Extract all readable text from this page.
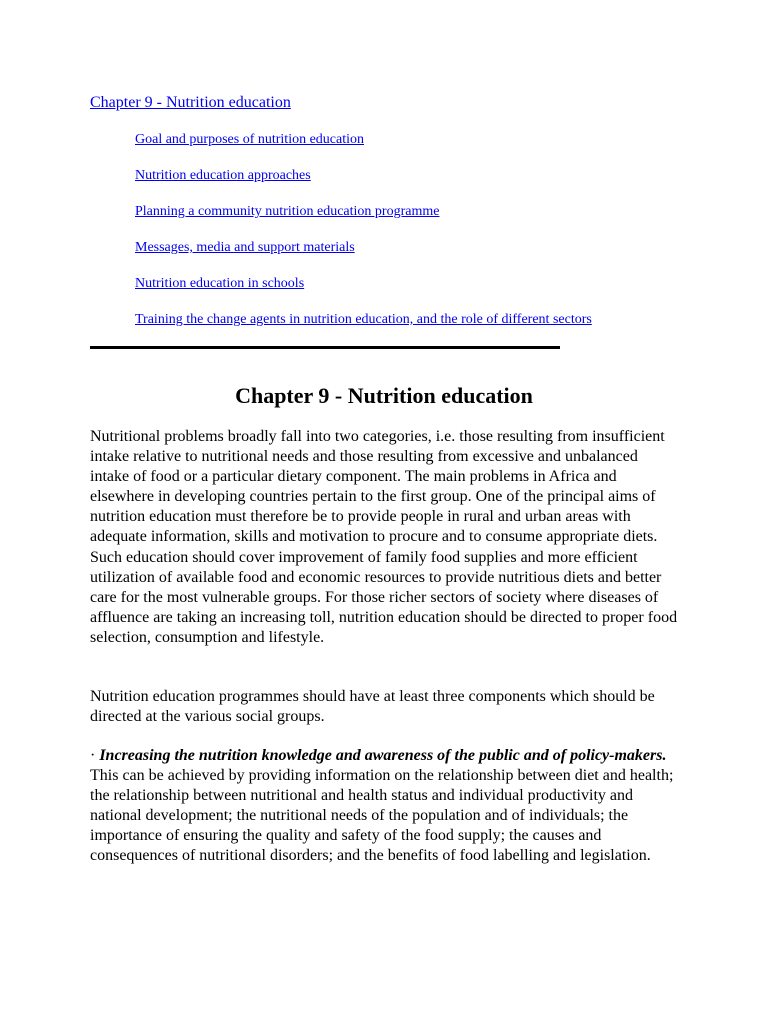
Chapter 9 - Nutrition education
Goal and purposes of nutrition education
Nutrition education approaches
Planning a community nutrition education programme
Messages, media and support materials
Nutrition education in schools
Training the change agents in nutrition education, and the role of different sectors
Chapter 9 - Nutrition education

Nutritional problems broadly fall into two categories, i.e. those resulting from insufficient intake relative to nutritional needs and those resulting from excessive and unbalanced intake of food or a particular dietary component. The main problems in Africa and elsewhere in developing countries pertain to the first group. One of the principal aims of nutrition education must therefore be to provide people in rural and urban areas with adequate information, skills and motivation to procure and to consume appropriate diets. Such education should cover improvement of family food supplies and more efficient utilization of available food and economic resources to provide nutritious diets and better care for the most vulnerable groups. For those richer sectors of society where diseases of affluence are taking an increasing toll, nutrition education should be directed to proper food selection, consumption and lifestyle.

Nutrition education programmes should have at least three components which should be directed at the various social groups.

· Increasing the nutrition knowledge and awareness of the public and of policy-makers.  This can be achieved by providing information on the relationship between diet and health; the relationship between nutritional and health status and individual productivity and national development; the nutritional needs of the population and of individuals; the importance of ensuring the quality and safety of the food supply; the causes and consequences of nutritional disorders; and the benefits of food labelling and legislation.
